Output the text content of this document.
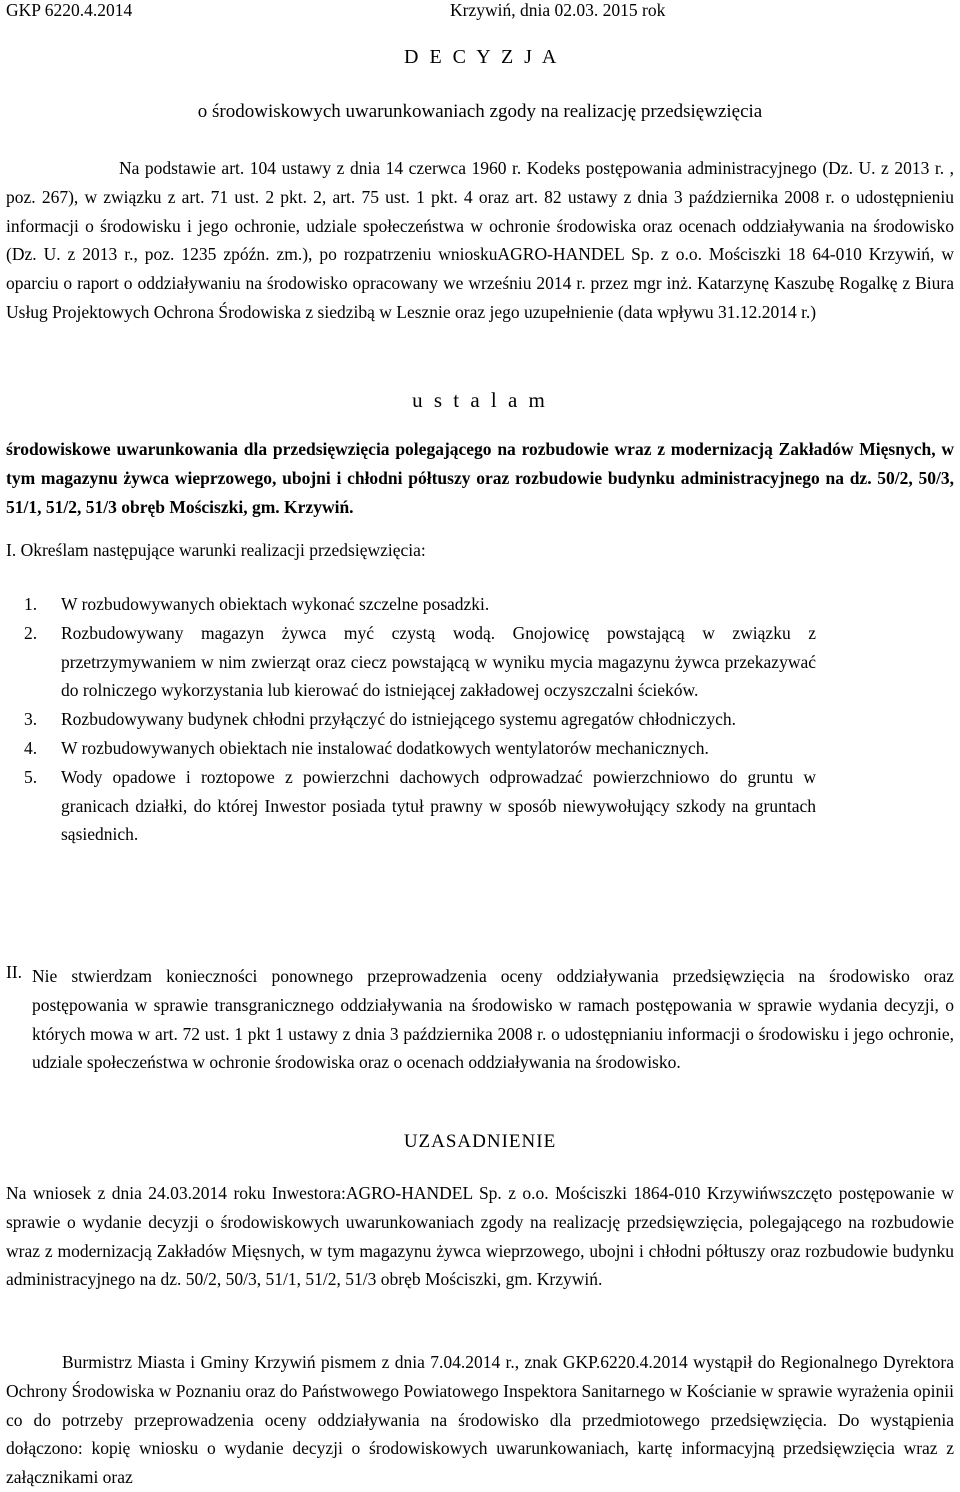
GKP 6220.4.2014	Krzywiń, dnia 02.03. 2015 rok
D E C Y Z J A
o środowiskowych uwarunkowaniach zgody na realizację przedsięwzięcia

Na podstawie art. 104 ustawy z dnia 14 czerwca 1960 r. Kodeks postępowania administracyjnego (Dz. U. z 2013 r. , poz. 267), w związku z art. 71 ust. 2 pkt. 2, art. 75 ust. 1 pkt. 4 oraz art. 82 ustawy z dnia 3 października 2008 r. o udostępnieniu informacji o środowisku i jego ochronie, udziale społeczeństwa w ochronie środowiska oraz ocenach oddziaływania na środowisko (Dz. U. z 2013 r., poz. 1235 zpóźn. zm.), po rozpatrzeniu wnioskuAGRO-HANDEL Sp. z o.o. Mościszki 18 64-010 Krzywiń, w oparciu o raport o oddziaływaniu na środowisko opracowany we wrześniu 2014 r. przez mgr inż. Katarzynę Kaszubę Rogalkę z Biura Usług Projektowych Ochrona Środowiska z siedzibą w Lesznie oraz jego uzupełnienie (data wpływu 31.12.2014 r.)

u s t a l a m

środowiskowe uwarunkowania dla przedsięwzięcia polegającego na rozbudowie wraz z modernizacją Zakładów Mięsnych, w tym magazynu żywca wieprzowego, ubojni i chłodni półtuszy oraz rozbudowie budynku administracyjnego na dz. 50/2, 50/3, 51/1, 51/2, 51/3 obręb Mościszki, gm. Krzywiń.

I. Określam następujące warunki realizacji przedsięwzięcia:
1. W rozbudowywanych obiektach wykonać szczelne posadzki.
2. Rozbudowywany magazyn żywca myć czystą wodą. Gnojowicę powstającą w związku z przetrzymywaniem w nim zwierząt oraz ciecz powstającą w wyniku mycia magazynu żywca przekazywać do rolniczego wykorzystania lub kierować do istniejącej zakładowej oczyszczalni ścieków.
3. Rozbudowywany budynek chłodni przyłączyć do istniejącego systemu agregatów chłodniczych.
4. W rozbudowywanych obiektach nie instalować dodatkowych wentylatorów mechanicznych.
5. Wody opadowe i roztopowe z powierzchni dachowych odprowadzać powierzchniowo do gruntu w granicach działki, do której Inwestor posiada tytuł prawny w sposób niewywołujący szkody na gruntach sąsiednich.
II. Nie stwierdzam konieczności ponownego przeprowadzenia oceny oddziaływania przedsięwzięcia na środowisko oraz postępowania w sprawie transgranicznego oddziaływania na środowisko w ramach postępowania w sprawie wydania decyzji, o których mowa w art. 72 ust. 1 pkt 1 ustawy z dnia 3 października 2008 r. o udostępnianiu informacji o środowisku i jego ochronie, udziale społeczeństwa w ochronie środowiska oraz o ocenach oddziaływania na środowisko.
UZASADNIENIE

Na wniosek z dnia 24.03.2014 roku Inwestora:AGRO-HANDEL Sp. z o.o. Mościszki 1864-010 Krzywińwszczęto postępowanie w sprawie o wydanie decyzji o środowiskowych uwarunkowaniach zgody na realizację przedsięwzięcia, polegającego na rozbudowie wraz z modernizacją Zakładów Mięsnych, w tym magazynu żywca wieprzowego, ubojni i chłodni półtuszy oraz rozbudowie budynku administracyjnego na dz. 50/2, 50/3, 51/1, 51/2, 51/3 obręb Mościszki, gm. Krzywiń.

Burmistrz Miasta i Gminy Krzywiń pismem z dnia 7.04.2014 r., znak GKP.6220.4.2014 wystąpił do Regionalnego Dyrektora Ochrony Środowiska w Poznaniu oraz do Państwowego Powiatowego Inspektora Sanitarnego w Kościanie w sprawie wyrażenia opinii co do potrzeby przeprowadzenia oceny oddziaływania na środowisko dla przedmiotowego przedsięwzięcia. Do wystąpienia dołączono: kopię wniosku o wydanie decyzji o środowiskowych uwarunkowaniach, kartę informacyjną przedsięwzięcia wraz z załącznikami oraz
